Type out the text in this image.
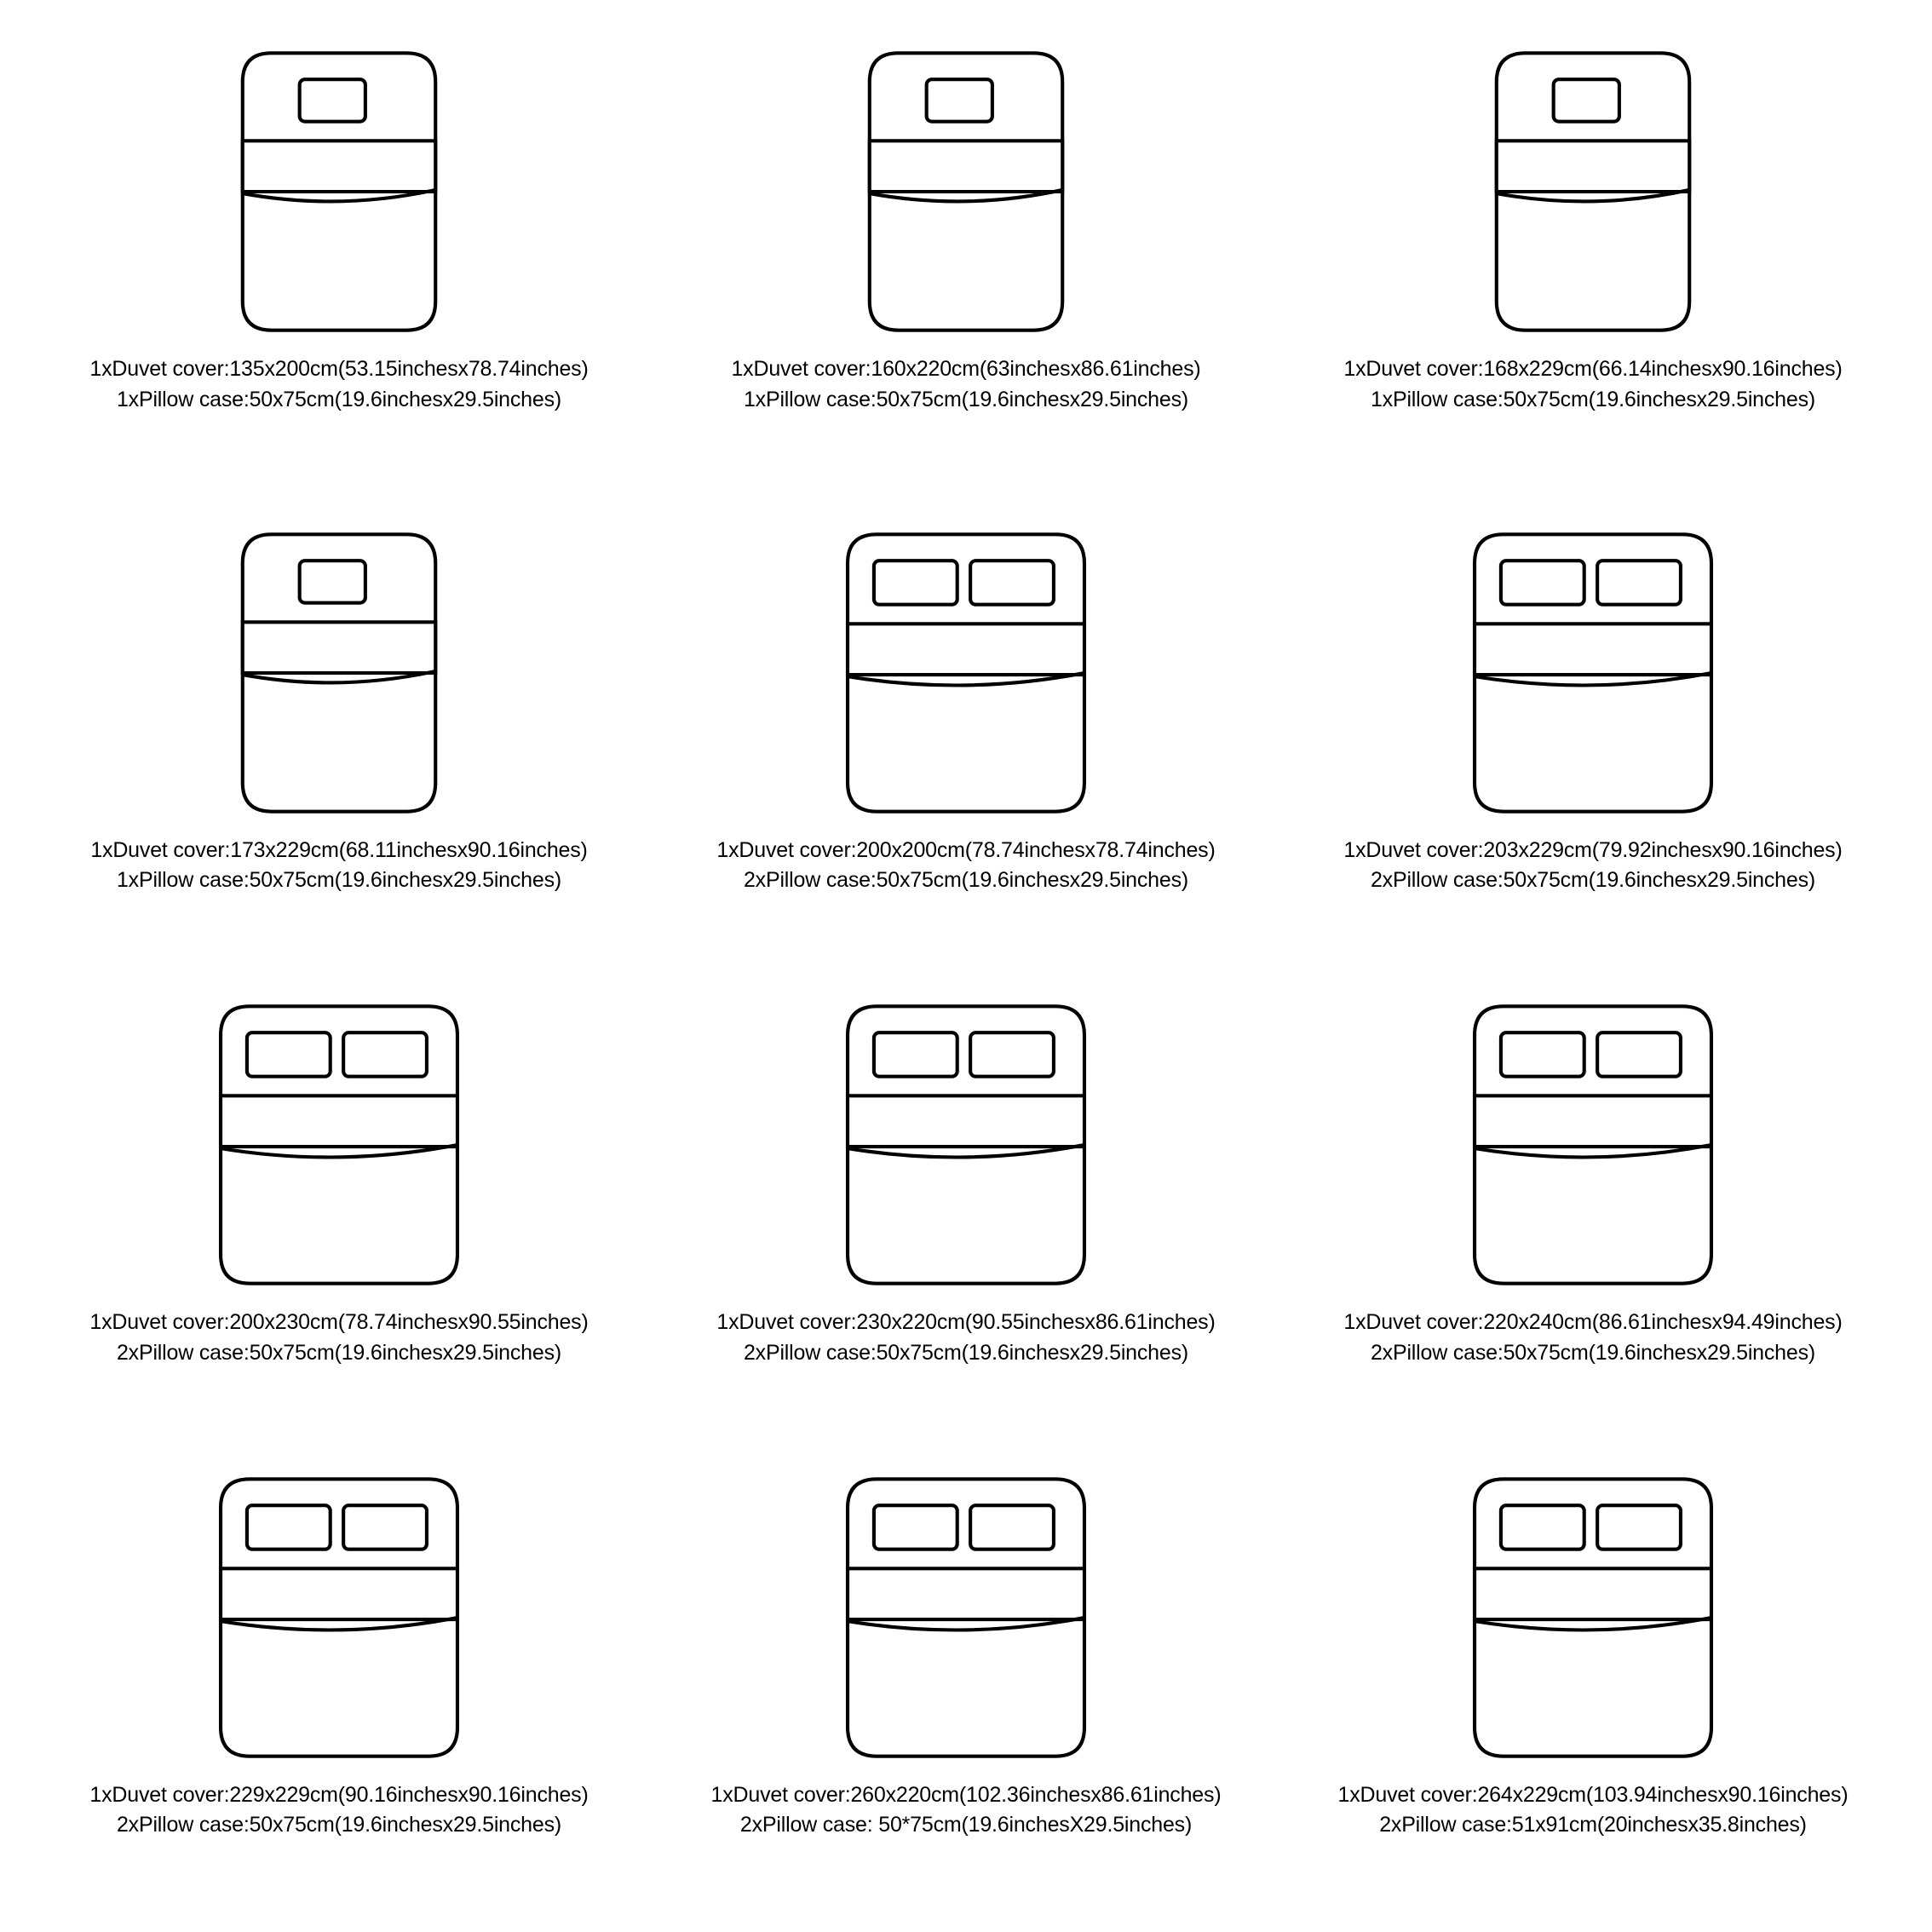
1xDuvet cover:135x200cm(53.15inchesx78.74inches)
1xPillow case:50x75cm(19.6inchesx29.5inches)
1xDuvet cover:160x220cm(63inchesx86.61inches)
1xPillow case:50x75cm(19.6inchesx29.5inches)
1xDuvet cover:168x229cm(66.14inchesx90.16inches)
1xPillow case:50x75cm(19.6inchesx29.5inches)
1xDuvet cover:173x229cm(68.11inchesx90.16inches)
1xPillow case:50x75cm(19.6inchesx29.5inches)
1xDuvet cover:200x200cm(78.74inchesx78.74inches)
2xPillow case:50x75cm(19.6inchesx29.5inches)
1xDuvet cover:203x229cm(79.92inchesx90.16inches)
2xPillow case:50x75cm(19.6inchesx29.5inches)
1xDuvet cover:200x230cm(78.74inchesx90.55inches)
2xPillow case:50x75cm(19.6inchesx29.5inches)
1xDuvet cover:230x220cm(90.55inchesx86.61inches)
2xPillow case:50x75cm(19.6inchesx29.5inches)
1xDuvet cover:220x240cm(86.61inchesx94.49inches)
2xPillow case:50x75cm(19.6inchesx29.5inches)
1xDuvet cover:229x229cm(90.16inchesx90.16inches)
2xPillow case:50x75cm(19.6inchesx29.5inches)
1xDuvet cover:260x220cm(102.36inchesx86.61inches)
2xPillow case: 50*75cm(19.6inchesX29.5inches)
1xDuvet cover:264x229cm(103.94inchesx90.16inches)
2xPillow case:51x91cm(20inchesx35.8inches)
